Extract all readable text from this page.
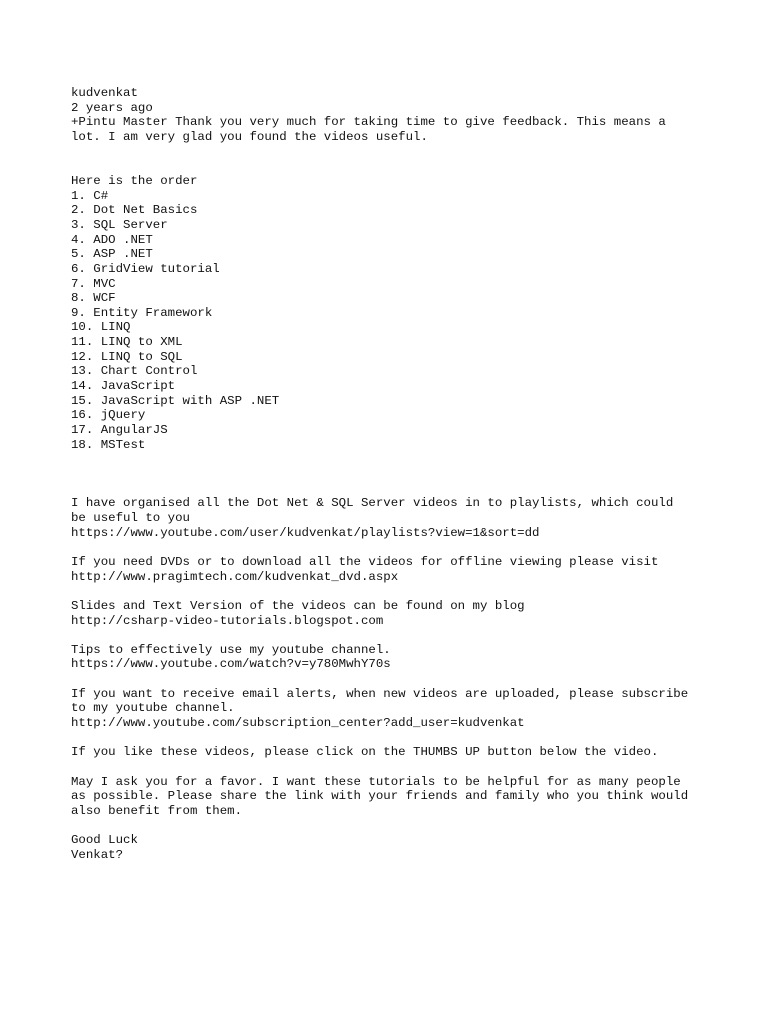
kudvenkat
2 years ago
+Pintu Master Thank you very much for taking time to give feedback. This means a
lot. I am very glad you found the videos useful.
Here is the order
1. C#
2. Dot Net Basics
3. SQL Server
4. ADO .NET
5. ASP .NET
6. GridView tutorial
7. MVC
8. WCF
9. Entity Framework
10. LINQ
11. LINQ to XML
12. LINQ to SQL
13. Chart Control
14. JavaScript
15. JavaScript with ASP .NET
16. jQuery
17. AngularJS
18. MSTest
I have organised all the Dot Net & SQL Server videos in to playlists, which could
be useful to you
https://www.youtube.com/user/kudvenkat/playlists?view=1&sort=dd
If you need DVDs or to download all the videos for offline viewing please visit
http://www.pragimtech.com/kudvenkat_dvd.aspx
Slides and Text Version of the videos can be found on my blog
http://csharp-video-tutorials.blogspot.com
Tips to effectively use my youtube channel.
https://www.youtube.com/watch?v=y780MwhY70s
If you want to receive email alerts, when new videos are uploaded, please subscribe
to my youtube channel.
http://www.youtube.com/subscription_center?add_user=kudvenkat
If you like these videos, please click on the THUMBS UP button below the video.
May I ask you for a favor. I want these tutorials to be helpful for as many people
as possible. Please share the link with your friends and family who you think would
also benefit from them.
Good Luck
Venkat?
